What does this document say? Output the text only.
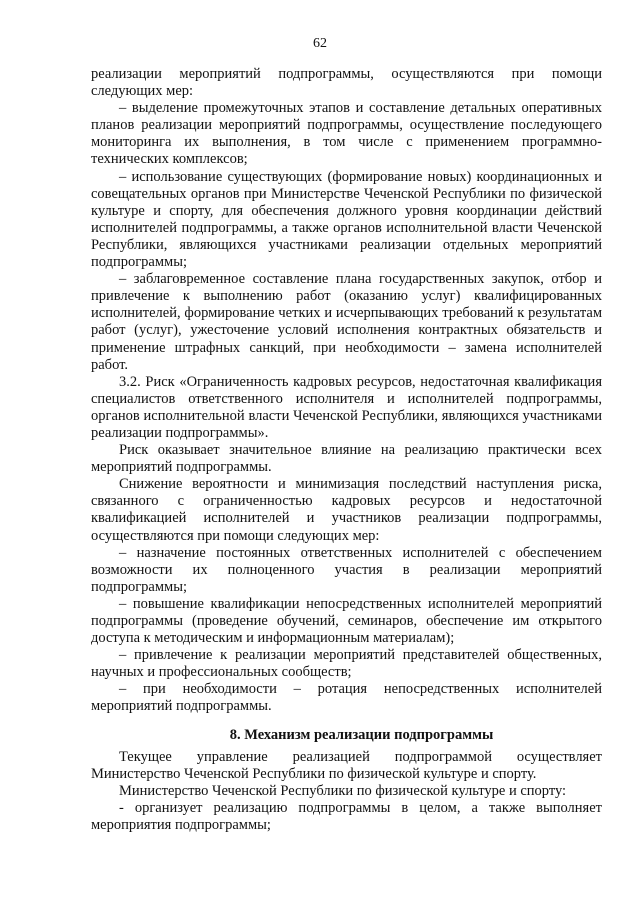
62

реализации мероприятий подпрограммы, осуществляются при помощи следующих мер:

– выделение промежуточных этапов и составление детальных оперативных планов реализации мероприятий подпрограммы, осуществление последующего мониторинга их выполнения, в том числе с применением программно-технических комплексов;

– использование существующих (формирование новых) координационных и совещательных органов при Министерстве Чеченской Республики по физической культуре и спорту, для обеспечения должного уровня координации действий исполнителей подпрограммы, а также органов исполнительной власти Чеченской Республики, являющихся участниками реализации отдельных мероприятий подпрограммы;

– заблаговременное составление плана государственных закупок, отбор и привлечение к выполнению работ (оказанию услуг) квалифицированных исполнителей, формирование четких и исчерпывающих требований к результатам работ (услуг), ужесточение условий исполнения контрактных обязательств и применение штрафных санкций, при необходимости – замена исполнителей работ.

3.2. Риск «Ограниченность кадровых ресурсов, недостаточная квалификация специалистов ответственного исполнителя и исполнителей подпрограммы, органов исполнительной власти Чеченской Республики, являющихся участниками реализации подпрограммы».

Риск оказывает значительное влияние на реализацию практически всех мероприятий подпрограммы.

Снижение вероятности и минимизация последствий наступления риска, связанного с ограниченностью кадровых ресурсов и недостаточной квалификацией исполнителей и участников реализации подпрограммы, осуществляются при помощи следующих мер:

– назначение постоянных ответственных исполнителей с обеспечением возможности их полноценного участия в реализации мероприятий подпрограммы;

– повышение квалификации непосредственных исполнителей мероприятий подпрограммы (проведение обучений, семинаров, обеспечение им открытого доступа к методическим и информационным материалам);

– привлечение к реализации мероприятий представителей общественных, научных и профессиональных сообществ;

– при необходимости – ротация непосредственных исполнителей мероприятий подпрограммы.

8. Механизм реализации подпрограммы

Текущее управление реализацией подпрограммой осуществляет Министерство Чеченской Республики по физической культуре и спорту.

Министерство Чеченской Республики по физической культуре и спорту:

- организует реализацию подпрограммы в целом, а также выполняет мероприятия подпрограммы;
